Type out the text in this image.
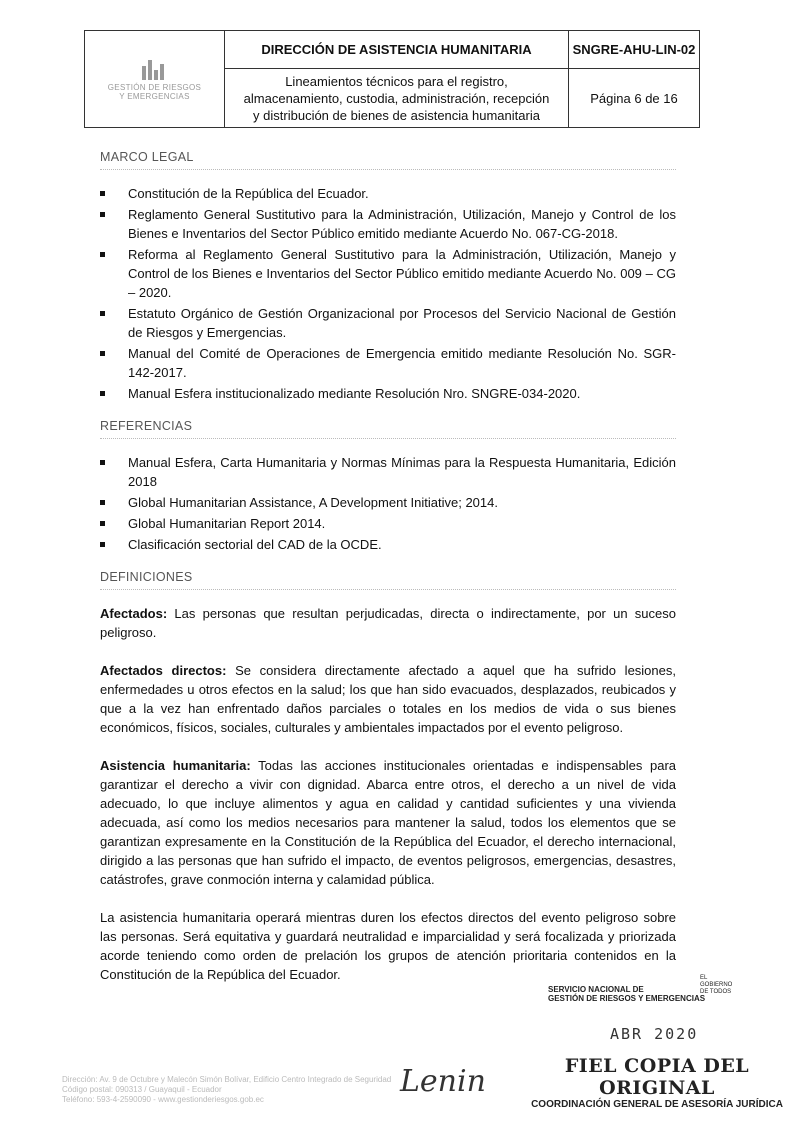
GESTIÓN DE RIESGOS
Y EMERGENCIAS
DIRECCIÓN DE ASISTENCIA HUMANITARIA	SNGRE-AHU-LIN-02
Lineamientos técnicos para el registro,
almacenamiento, custodia, administración, recepción
y distribución de bienes de asistencia humanitaria
Página 6 de 16
MARCO LEGAL
Constitución de la República del Ecuador.
Reglamento General Sustitutivo para la Administración, Utilización, Manejo y Control de los Bienes e Inventarios del Sector Público emitido mediante Acuerdo No. 067-CG-2018.
Reforma al Reglamento General Sustitutivo para la Administración, Utilización, Manejo y Control de los Bienes e Inventarios del Sector Público emitido mediante Acuerdo No. 009 – CG – 2020.
Estatuto Orgánico de Gestión Organizacional por Procesos del Servicio Nacional de Gestión de Riesgos y Emergencias.
Manual del Comité de Operaciones de Emergencia emitido mediante Resolución No. SGR-142-2017.
Manual Esfera institucionalizado mediante Resolución Nro. SNGRE-034-2020.
REFERENCIAS
Manual Esfera, Carta Humanitaria y Normas Mínimas para la Respuesta Humanitaria, Edición 2018
Global Humanitarian Assistance, A Development Initiative; 2014.
Global Humanitarian Report 2014.
Clasificación sectorial del CAD de la OCDE.
DEFINICIONES

Afectados: Las personas que resultan perjudicadas, directa o indirectamente, por un suceso peligroso.

Afectados directos: Se considera directamente afectado a aquel que ha sufrido lesiones, enfermedades u otros efectos en la salud; los que han sido evacuados, desplazados, reubicados y que a la vez han enfrentado daños parciales o totales en los medios de vida o sus bienes económicos, físicos, sociales, culturales y ambientales impactados por el evento peligroso.

Asistencia humanitaria: Todas las acciones institucionales orientadas e indispensables para garantizar el derecho a vivir con dignidad. Abarca entre otros, el derecho a un nivel de vida adecuado, lo que incluye alimentos y agua en calidad y cantidad suficientes y una vivienda adecuada, así como los medios necesarios para mantener la salud, todos los elementos que se garantizan expresamente en la Constitución de la República del Ecuador, el derecho internacional, dirigido a las personas que han sufrido el impacto, de eventos peligrosos, emergencias, desastres, catástrofes, grave conmoción interna y calamidad pública.

La asistencia humanitaria operará mientras duren los efectos directos del evento peligroso sobre las personas. Será equitativa y guardará neutralidad e imparcialidad y será focalizada y priorizada acorde teniendo como orden de prelación los grupos de atención prioritaria contenidos en la Constitución de la República del Ecuador.

Dirección: Av. 9 de Octubre y Malecón Simón Bolívar, Edificio Centro Integrado de Seguridad
Código postal: 090313 / Guayaquil - Ecuador
Teléfono: 593-4-2590090 - www.gestionderiesgos.gob.ec
SERVICIO NACIONAL DE
GESTIÓN DE RIESGOS Y EMERGENCIAS
EL
GOBIERNO
DE TODOS
ABR 2020
Lenin	FIEL COPIA DEL ORIGINAL
COORDINACIÓN GENERAL DE ASESORÍA JURÍDICA
